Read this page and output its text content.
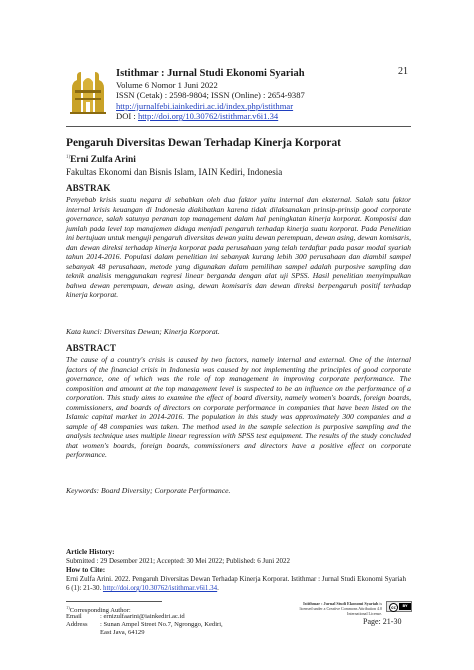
Istithmar : Jurnal Studi Ekonomi Syariah
Volume 6 Nomor 1 Juni 2022
ISSN (Cetak) : 2598-9804; ISSN (Online) : 2654-9387
http://jurnalfebi.iainkediri.ac.id/index.php/istithmar
DOI : http://doi.org/10.30762/istithmar.v6i1.34
21
Pengaruh Diversitas Dewan Terhadap Kinerja Korporat
$^{1)}$Erni Zulfa Arini
Fakultas Ekonomi dan Bisnis Islam, IAIN Kediri, Indonesia
ABSTRAK
Penyebab krisis suatu negara di sebabkan oleh dua faktor yaitu internal dan eksternal. Salah satu faktor internal krisis keuangan di Indonesia diakibatkan karena tidak dilaksanakan prinsip-prinsip good corporate governance, salah satunya peranan top management dalam hal peningkatan kinerja korporat. Komposisi dan jumlah pada level top manajemen diduga menjadi pengaruh terhadap kinerja suatu korporat. Pada Penelitian ini bertujuan untuk menguji pengaruh diversitas dewan yaitu dewan perempuan, dewan asing, dewan komisaris, dan dewan direksi terhadap kinerja korporat pada perusahaan yang telah terdaftar pada pasar modal syariah tahun 2014-2016. Populasi dalam penelitian ini sebanyak kurang lebih 300 perusahaan dan diambil sampel sebanyak 48 perusahaan, metode yang digunakan dalam pemilihan sampel adalah purposive sampling dan teknik analisis menggunakan regresi linear berganda dengan alat uji SPSS. Hasil penelitian menyimpulkan bahwa dewan perempuan, dewan asing, dewan komisaris dan dewan direksi berpengaruh positif terhadap kinerja korporat.
Kata kunci: Diversitas Dewan; Kinerja Korporat.
ABSTRACT
The cause of a country's crisis is caused by two factors, namely internal and external. One of the internal factors of the financial crisis in Indonesia was caused by not implementing the principles of good corporate governance, one of which was the role of top management in improving corporate performance. The composition and amount at the top management level is suspected to be an influence on the performance of a corporation. This study aims to examine the effect of board diversity, namely women's boards, foreign boards, commissioners, and boards of directors on corporate performance in companies that have been listed on the Islamic capital market in 2014-2016. The population in this study was approximately 300 companies and a sample of 48 companies was taken. The method used in the sample selection is purposive sampling and the analysis technique uses multiple linear regression with SPSS test equipment. The results of the study concluded that women's boards, foreign boards, commissioners and directors have a positive effect on corporate performance.
Keywords: Board Diversity; Corporate Performance.
Article History:
Submitted : 29 Desember 2021; Accepted: 30 Mei 2022; Published: 6 Juni 2022
How to Cite:
Erni Zulfa Arini. 2022. Pengaruh Diversitas Dewan Terhadap Kinerja Korporat. Istithmar : Jurnal Studi Ekonomi Syariah 6 (1): 21-30. http://doi.org/10.30762/istithmar.v6i1.34.
$^{1)}$Corresponding Author:
Email	: ernizulfaarini@iainkediri.ac.id
Address : Sunan Ampel Street No.7, Ngronggo, Kediri,
East Java, 64129
Istithmar : Jurnal Studi Ekonomi Syariah is licensed under a Creative Commons Attribution 4.0 International License.
cc	BY
Page: 21-30
